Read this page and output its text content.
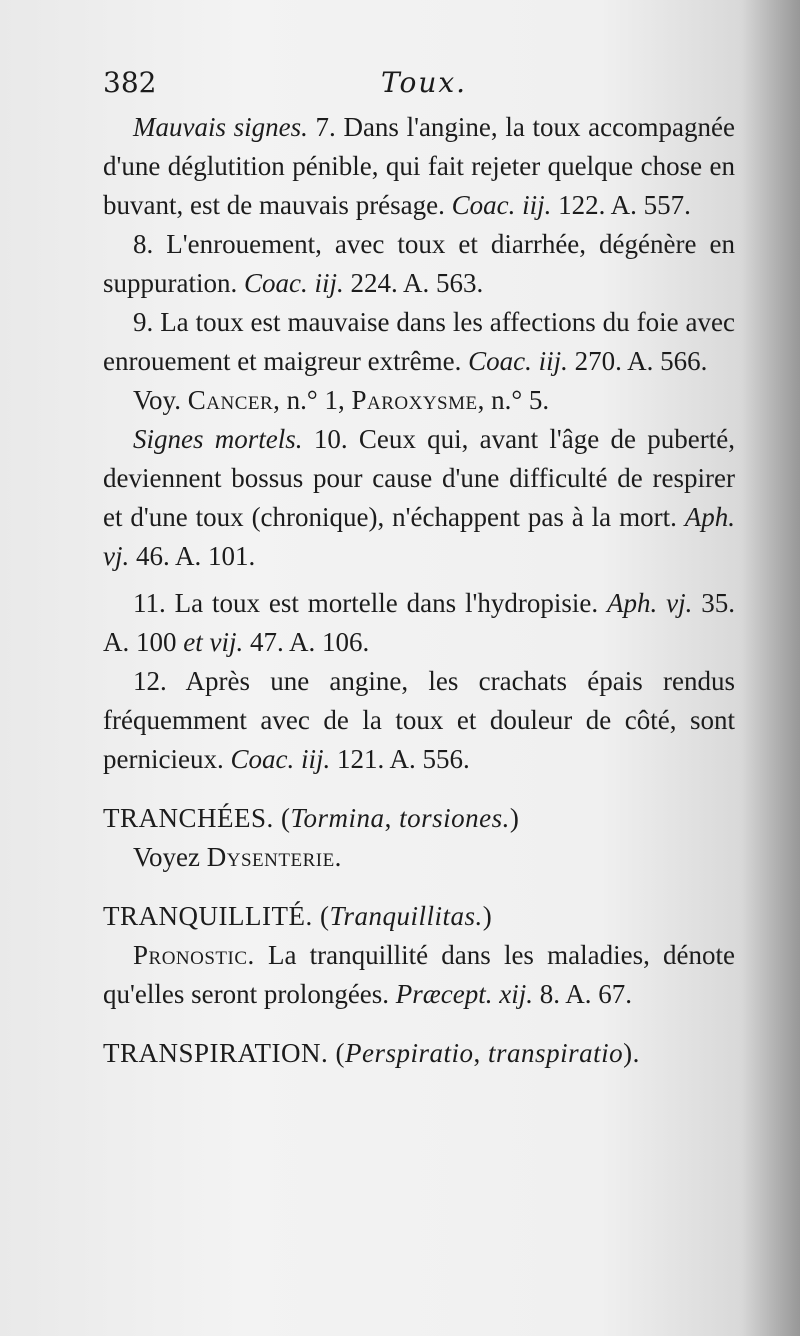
382	Toux.

Mauvais signes. 7. Dans l'angine, la toux accompagnée d'une déglutition pénible, qui fait rejeter quelque chose en buvant, est de mauvais présage. Coac. iij. 122. A. 557.

8. L'enrouement, avec toux et diarrhée, dégénère en suppuration. Coac. iij. 224. A. 563.

9. La toux est mauvaise dans les affections du foie avec enrouement et maigreur extrême. Coac. iij. 270. A. 566.

Voy. Cancer, n.° 1, Paroxysme, n.° 5.

Signes mortels. 10. Ceux qui, avant l'âge de puberté, deviennent bossus pour cause d'une difficulté de respirer et d'une toux (chronique), n'échappent pas à la mort. Aph. vj. 46. A. 101.

11. La toux est mortelle dans l'hydropisie. Aph. vj. 35. A. 100 et vij. 47. A. 106.

12. Après une angine, les crachats épais rendus fréquemment avec de la toux et douleur de côté, sont pernicieux. Coac. iij. 121. A. 556.

TRANCHÉES. (Tormina, torsiones.)

Voyez Dysenterie.

TRANQUILLITÉ. (Tranquillitas.)

Pronostic. La tranquillité dans les maladies, dénote qu'elles seront prolongées. Præcept. xij. 8. A. 67.

TRANSPIRATION. (Perspiratio, transpiratio).
